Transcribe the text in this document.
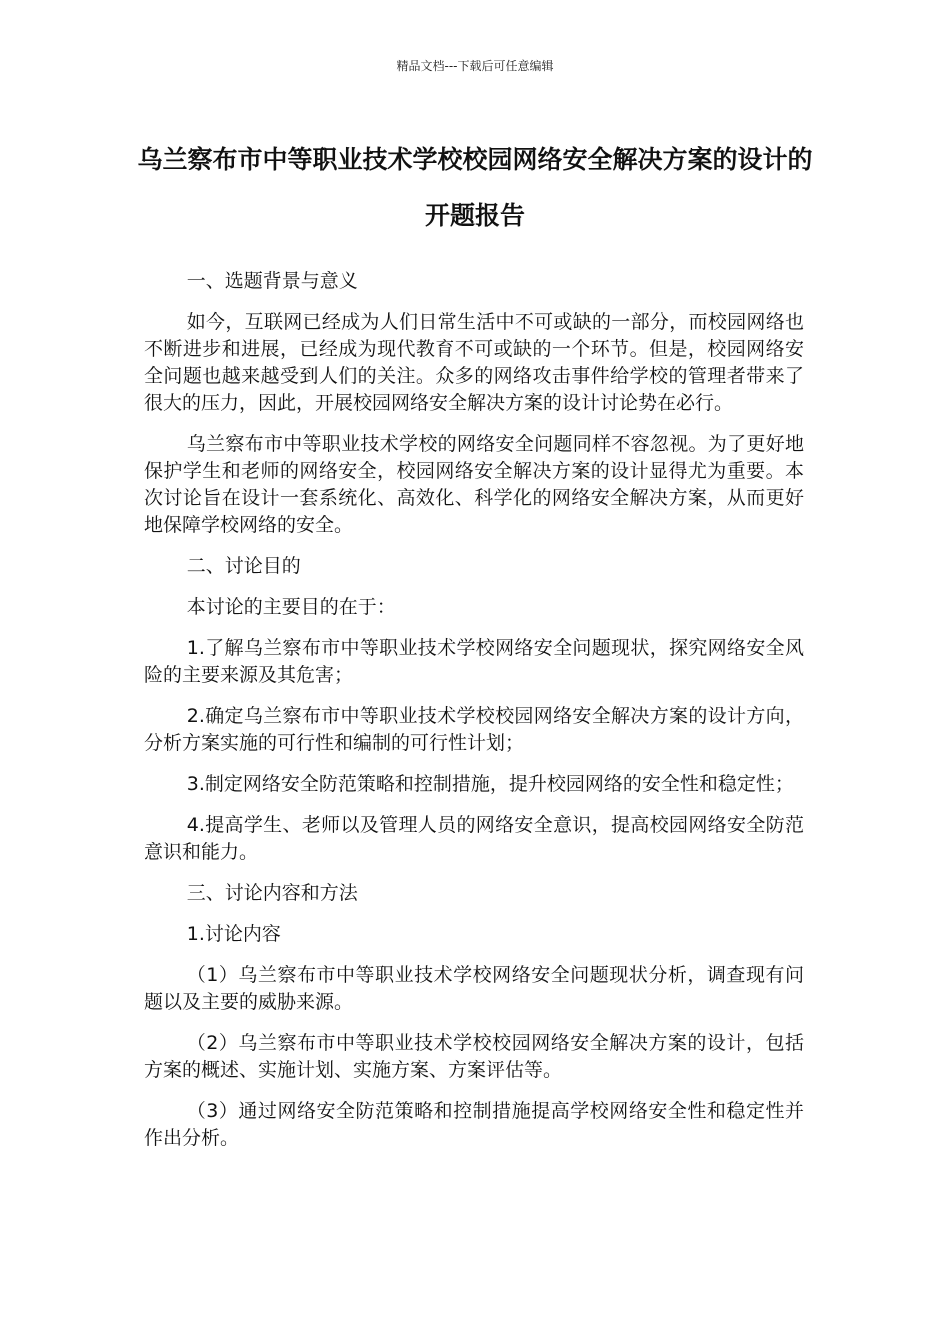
精品文档---下载后可任意编辑
乌兰察布市中等职业技术学校校园网络安全解决方案的设计的开题报告

一、选题背景与意义

如今，互联网已经成为人们日常生活中不可或缺的一部分，而校园网络也不断进步和进展，已经成为现代教育不可或缺的一个环节。但是，校园网络安全问题也越来越受到人们的关注。众多的网络攻击事件给学校的管理者带来了很大的压力，因此，开展校园网络安全解决方案的设计讨论势在必行。

乌兰察布市中等职业技术学校的网络安全问题同样不容忽视。为了更好地保护学生和老师的网络安全，校园网络安全解决方案的设计显得尤为重要。本次讨论旨在设计一套系统化、高效化、科学化的网络安全解决方案，从而更好地保障学校网络的安全。

二、讨论目的

本讨论的主要目的在于：

1.了解乌兰察布市中等职业技术学校网络安全问题现状，探究网络安全风险的主要来源及其危害；

2.确定乌兰察布市中等职业技术学校校园网络安全解决方案的设计方向，分析方案实施的可行性和编制的可行性计划；

3.制定网络安全防范策略和控制措施，提升校园网络的安全性和稳定性；

4.提高学生、老师以及管理人员的网络安全意识，提高校园网络安全防范意识和能力。

三、讨论内容和方法

1.讨论内容

（1）乌兰察布市中等职业技术学校网络安全问题现状分析，调查现有问题以及主要的威胁来源。

（2）乌兰察布市中等职业技术学校校园网络安全解决方案的设计，包括方案的概述、实施计划、实施方案、方案评估等。

（3）通过网络安全防范策略和控制措施提高学校网络安全性和稳定性并作出分析。
